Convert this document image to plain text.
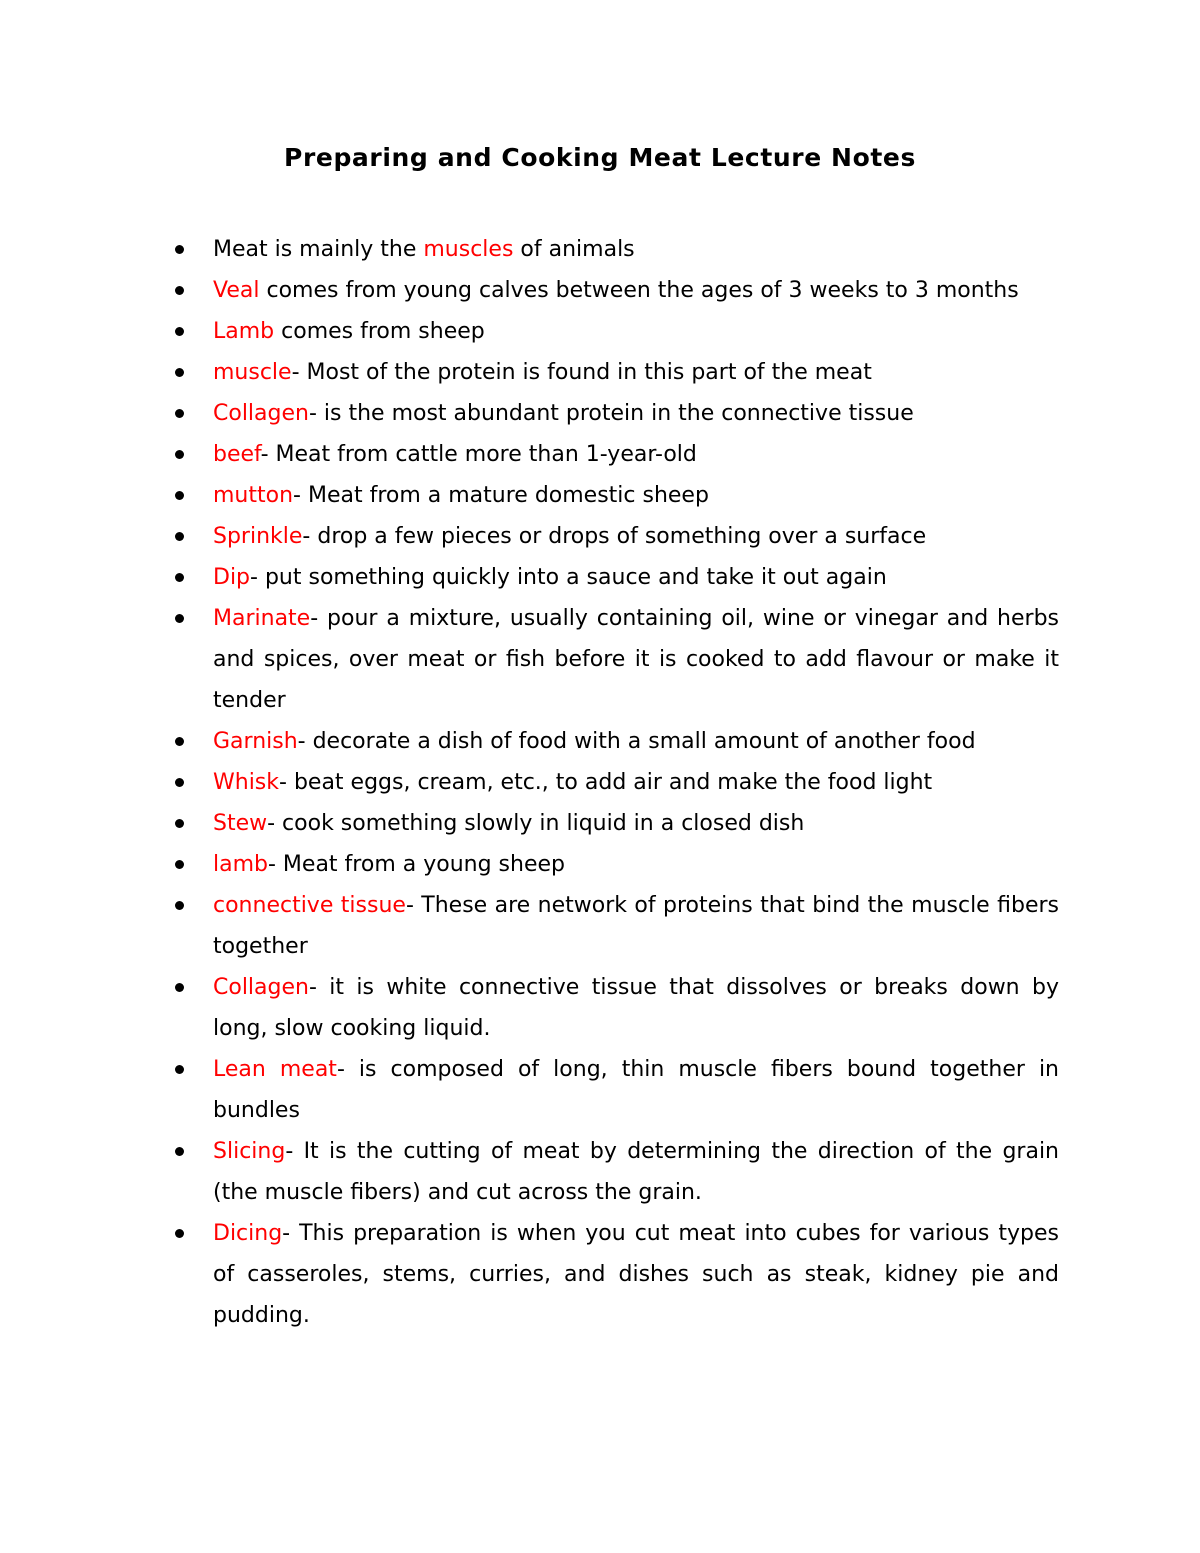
Preparing and Cooking Meat Lecture Notes
Meat is mainly the muscles of animals
Veal comes from young calves between the ages of 3 weeks to 3 months
Lamb comes from sheep
muscle- Most of the protein is found in this part of the meat
Collagen- is the most abundant protein in the connective tissue
beef- Meat from cattle more than 1-year-old
mutton- Meat from a mature domestic sheep
Sprinkle- drop a few pieces or drops of something over a surface
Dip- put something quickly into a sauce and take it out again
Marinate- pour a mixture, usually containing oil, wine or vinegar and herbs and spices, over meat or fish before it is cooked to add flavour or make it tender
Garnish- decorate a dish of food with a small amount of another food
Whisk- beat eggs, cream, etc., to add air and make the food light
Stew- cook something slowly in liquid in a closed dish
lamb- Meat from a young sheep
connective tissue- These are network of proteins that bind the muscle fibers together
Collagen- it is white connective tissue that dissolves or breaks down by long, slow cooking liquid.
Lean meat- is composed of long, thin muscle fibers bound together in bundles
Slicing- It is the cutting of meat by determining the direction of the grain (the muscle fibers) and cut across the grain.
Dicing- This preparation is when you cut meat into cubes for various types of casseroles, stems, curries, and dishes such as steak, kidney pie and pudding.
